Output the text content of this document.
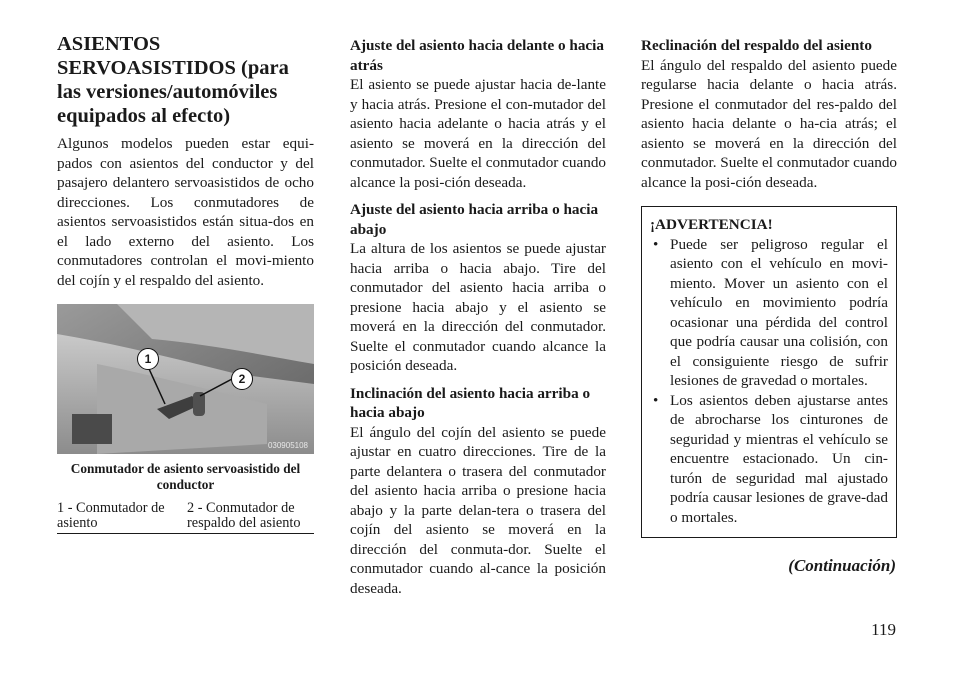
ASIENTOS SERVOASISTIDOS (para las versiones/automóviles equipados al efecto)

Algunos modelos pueden estar equi-pados con asientos del conductor y del pasajero delantero servoasistidos de ocho direcciones. Los conmutadores de asientos servoasistidos están situa-dos en el lado externo del asiento. Los conmutadores controlan el movi-miento del cojín y el respaldo del asiento.

1
2
030905108
Conmutador de asiento servoasistido del conductor
1 - Conmutador de asiento
2 - Conmutador de respaldo del asiento
Ajuste del asiento hacia delante o hacia atrás

El asiento se puede ajustar hacia de-lante y hacia atrás. Presione el con-mutador del asiento hacia adelante o hacia atrás y el asiento se moverá en la dirección del conmutador. Suelte el conmutador cuando alcance la posi-ción deseada.

Ajuste del asiento hacia arriba o hacia abajo

La altura de los asientos se puede ajustar hacia arriba o hacia abajo. Tire del conmutador del asiento hacia arriba o presione hacia abajo y el asiento se moverá en la dirección del conmutador. Suelte el conmutador cuando alcance la posición deseada.

Inclinación del asiento hacia arriba o hacia abajo

El ángulo del cojín del asiento se puede ajustar en cuatro direcciones. Tire de la parte delantera o trasera del conmutador del asiento hacia arriba o presione hacia abajo y la parte delan-tera o trasera del cojín del asiento se moverá en la dirección del conmuta-dor. Suelte el conmutador cuando al-cance la posición deseada.

Reclinación del respaldo del asiento

El ángulo del respaldo del asiento puede regularse hacia delante o hacia atrás. Presione el conmutador del res-paldo del asiento hacia delante o ha-cia atrás; el asiento se moverá en la dirección del conmutador. Suelte el conmutador cuando alcance la posi-ción deseada.

¡ADVERTENCIA!
• Puede ser peligroso regular el asiento con el vehículo en movi-miento. Mover un asiento con el vehículo en movimiento podría ocasionar una pérdida del control que podría causar una colisión, con el consiguiente riesgo de sufrir lesiones de gravedad o mortales.
• Los asientos deben ajustarse antes de abrocharse los cinturones de seguridad y mientras el vehículo se encuentre estacionado. Un cin-turón de seguridad mal ajustado podría causar lesiones de grave-dad o mortales.
(Continuación)
119
